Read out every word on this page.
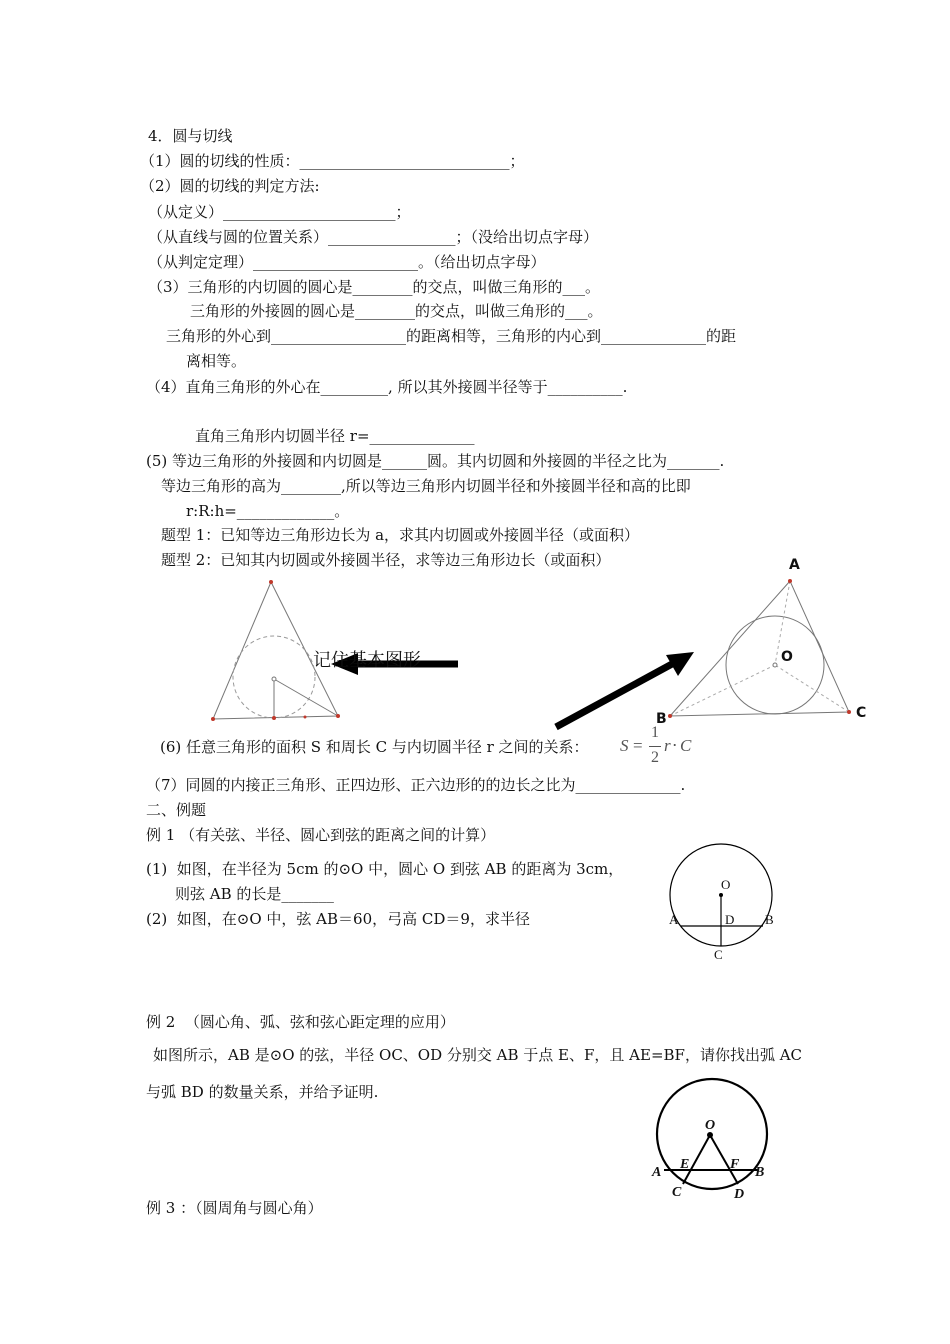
4．圆与切线
（1）圆的切线的性质：____________________________；
（2）圆的切线的判定方法:
（从定义）_______________________；
（从直线与圆的位置关系）_________________；（没给出切点字母）
（从判定定理）______________________。（给出切点字母）
（3）三角形的内切圆的圆心是________的交点，叫做三角形的___。
三角形的外接圆的圆心是________的交点，叫做三角形的___。
三角形的外心到__________________的距离相等，三角形的内心到______________的距
离相等。
（4）直角三角形的外心在_________, 所以其外接圆半径等于__________.
直角三角形内切圆半径 r=______________
(5) 等边三角形的外接圆和内切圆是______圆。其内切圆和外接圆的半径之比为_______.
等边三角形的高为________,所以等边三角形内切圆半径和外接圆半径和高的比即
r:R:h=_____________。
题型 1：已知等边三角形边长为 a，求其内切圆或外接圆半径（或面积）
题型 2：已知其内切圆或外接圆半径，求等边三角形边长（或面积）
记住基本图形
A
O
B	C
(6) 任意三角形的面积 S 和周长 C 与内切圆半径 r 之间的关系： S =
1
2
r ⋅ C
（7）同圆的内接正三角形、正四边形、正六边形的的边长之比为______________.
二、例题
例 1 （有关弦、半径、圆心到弦的距离之间的计算）
(1)  如图，在半径为 5cm 的⊙O 中，圆心 O 到弦 AB 的距离为 3cm，
则弦 AB 的长是_______
(2)  如图，在⊙O 中，弦 AB＝60，弓高 CD＝9，求半径
O
A	D B
C
例 2  （圆心角、弧、弦和弦心距定理的应用）
如图所示，AB 是⊙O 的弦，半径 OC、OD 分别交 AB 于点 E、F，且 AE=BF，请你找出弧 AC
与弧 BD 的数量关系，并给予证明.
O
E	F
A	B
C	D
例 3 ：（圆周角与圆心角）
